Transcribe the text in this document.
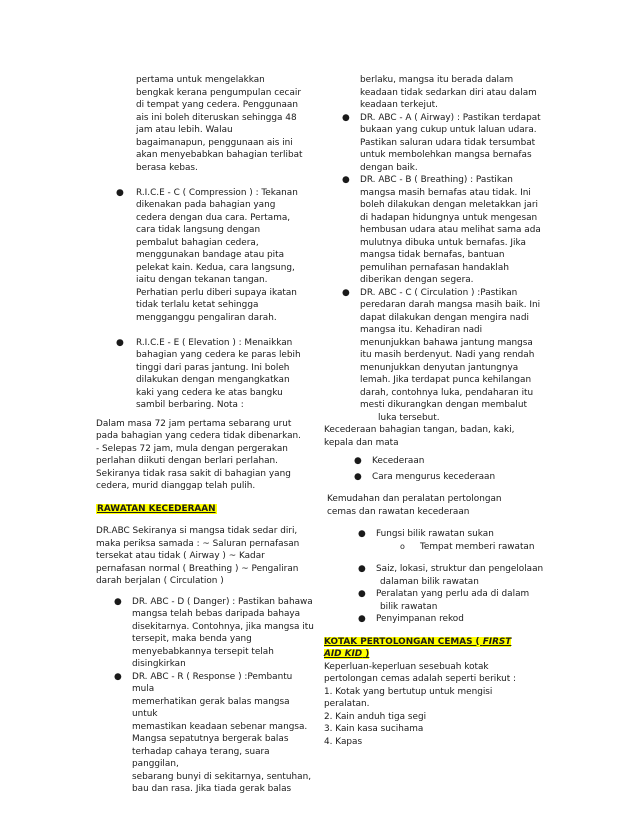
pertama untuk mengelakkan
bengkak kerana pengumpulan cecair
di tempat yang cedera. Penggunaan
ais ini boleh diteruskan sehingga 48
jam atau lebih. Walau
bagaimanapun, penggunaan ais ini
akan menyebabkan bahagian terlibat
berasa kebas.
● R.I.C.E - C ( Compression ) : Tekanan
dikenakan pada bahagian yang
cedera dengan dua cara. Pertama,
cara tidak langsung dengan
pembalut bahagian cedera,
menggunakan bandage atau pita
pelekat kain. Kedua, cara langsung,
iaitu dengan tekanan tangan.
Perhatian perlu diberi supaya ikatan
tidak terlalu ketat sehingga
mengganggu pengaliran darah.
● R.I.C.E - E ( Elevation ) : Menaikkan
bahagian yang cedera ke paras lebih
tinggi dari paras jantung. Ini boleh
dilakukan dengan mengangkatkan
kaki yang cedera ke atas bangku
sambil berbaring. Nota :
Dalam masa 72 jam pertama sebarang urut
pada bahagian yang cedera tidak dibenarkan.
- Selepas 72 jam, mula dengan pergerakan
perlahan diikuti dengan berlari perlahan.
Sekiranya tidak rasa sakit di bahagian yang
cedera, murid dianggap telah pulih.
RAWATAN KECEDERAAN
DR.ABC Sekiranya si mangsa tidak sedar diri,
maka periksa samada : ~ Saluran pernafasan
tersekat atau tidak ( Airway ) ~ Kadar
pernafasan normal ( Breathing ) ~ Pengaliran
darah berjalan ( Circulation )
● DR. ABC - D ( Danger) : Pastikan bahawa
mangsa telah bebas daripada bahaya
disekitarnya. Contohnya, jika mangsa itu
tersepit, maka benda yang
menyebabkannya tersepit telah
disingkirkan
● DR. ABC - R ( Response ) :Pembantu mula
memerhatikan gerak balas mangsa untuk
memastikan keadaan sebenar mangsa.
Mangsa sepatutnya bergerak balas
terhadap cahaya terang, suara panggilan,
sebarang bunyi di sekitarnya, sentuhan,
bau dan rasa. Jika tiada gerak balas
berlaku, mangsa itu berada dalam
keadaan tidak sedarkan diri atau dalam
keadaan terkejut.
● DR. ABC - A ( Airway) : Pastikan terdapat
bukaan yang cukup untuk laluan udara.
Pastikan saluran udara tidak tersumbat
untuk membolehkan mangsa bernafas
dengan baik.
● DR. ABC - B ( Breathing) : Pastikan
mangsa masih bernafas atau tidak. Ini
boleh dilakukan dengan meletakkan jari
di hadapan hidungnya untuk mengesan
hembusan udara atau melihat sama ada
mulutnya dibuka untuk bernafas. Jika
mangsa tidak bernafas, bantuan
pemulihan pernafasan handaklah
diberikan dengan segera.
● DR. ABC - C ( Circulation ) :Pastikan
peredaran darah mangsa masih baik. Ini
dapat dilakukan dengan mengira nadi
mangsa itu. Kehadiran nadi
menunjukkan bahawa jantung mangsa
itu masih berdenyut. Nadi yang rendah
menunjukkan denyutan jantungnya
lemah. Jika terdapat punca kehilangan
darah, contohnya luka, pendaharan itu
mesti dikurangkan dengan membalut
luka tersebut.
Kecederaan bahagian tangan, badan, kaki,
kepala dan mata
● Kecederaan
● Cara mengurus kecederaan
Kemudahan dan peralatan pertolongan
cemas dan rawatan kecederaan
● Fungsi bilik rawatan sukan
o Tempat memberi rawatan
● Saiz, lokasi, struktur dan pengelolaan
dalaman bilik rawatan
● Peralatan yang perlu ada di dalam
bilik rawatan
● Penyimpanan rekod
KOTAK PERTOLONGAN CEMAS ( FIRST
AID KID )
Keperluan-keperluan sesebuah kotak
pertolongan cemas adalah seperti berikut :
1. Kotak yang bertutup untuk mengisi
peralatan.
2. Kain anduh tiga segi
3. Kain kasa sucihama
4. Kapas
